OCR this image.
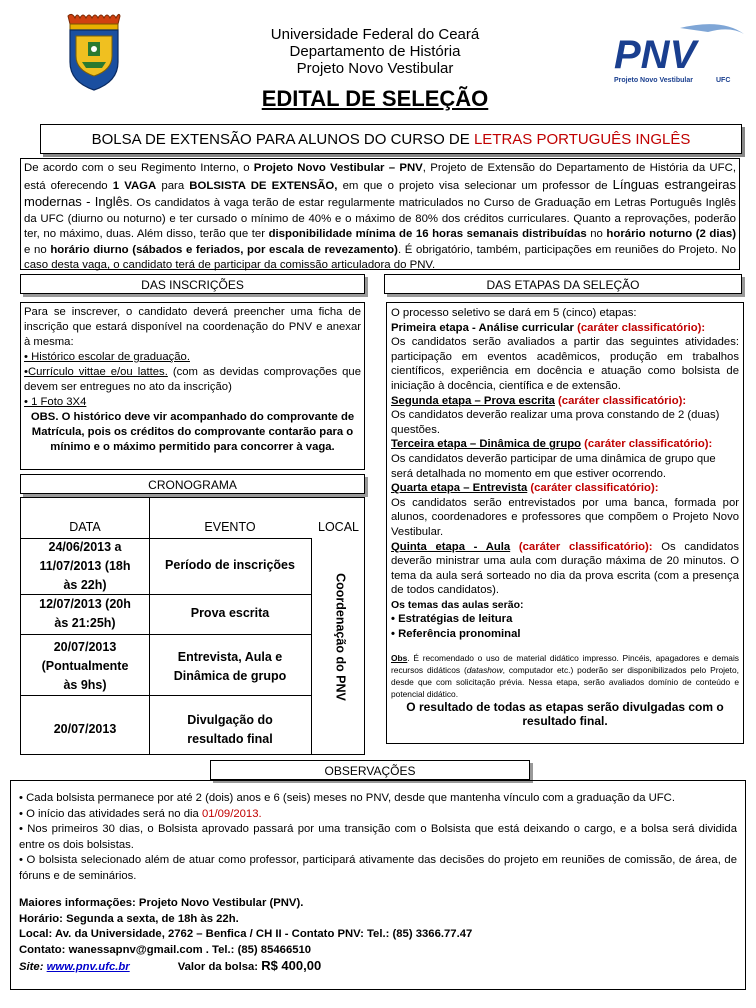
Universidade Federal do Ceará
Departamento de História
Projeto Novo Vestibular
EDITAL DE SELEÇÃO
PNV
Projeto Novo Vestibular	UFC
BOLSA DE EXTENSÃO PARA ALUNOS DO CURSO DE LETRAS PORTUGUÊS INGLÊS
De acordo com o seu Regimento Interno, o Projeto Novo Vestibular – PNV, Projeto de Extensão do Departamento de História da UFC, está oferecendo 1 VAGA para BOLSISTA DE EXTENSÃO, em que o projeto visa selecionar um professor de Línguas estrangeiras modernas - Inglês. Os candidatos à vaga terão de estar regularmente matriculados no Curso de Graduação em Letras Português Inglês da UFC (diurno ou noturno) e ter cursado o mínimo de 40% e o máximo de 80% dos créditos curriculares. Quanto a reprovações, poderão ter, no máximo, duas. Além disso, terão que ter disponibilidade mínima de 16 horas semanais distribuídas no horário noturno (2 dias) e no horário diurno (sábados e feriados, por escala de revezamento). É obrigatório, também, participações em reuniões do Projeto. No caso desta vaga, o candidato terá de participar da comissão articuladora do PNV.
DAS INSCRIÇÕES
Para se inscrever, o candidato deverá preencher uma ficha de inscrição que estará disponível na coordenação do PNV e anexar à mesma:
• Histórico escolar de graduação.
•Currículo vittae e/ou lattes. (com as devidas comprovações que devem ser entregues no ato da inscrição)
• 1 Foto 3X4
OBS. O histórico deve vir acompanhado do comprovante de Matrícula, pois os créditos do comprovante contarão para o mínimo e o máximo permitido para concorrer à vaga.
CRONOGRAMA
DATA	EVENTO	LOCAL
24/06/2013 a 11/07/2013 (18h às 22h)
Período de inscrições
12/07/2013 (20h às 21:25h)
Prova escrita
20/07/2013 (Pontualmente às 9hs)
Entrevista, Aula e Dinâmica de grupo
20/07/2013
Divulgação do resultado final
Coordenação do PNV
DAS ETAPAS DA SELEÇÃO
O processo seletivo se dará em 5 (cinco) etapas:
Primeira etapa - Análise curricular (caráter classificatório):
Os candidatos serão avaliados a partir das seguintes atividades: participação em eventos acadêmicos, produção em trabalhos científicos, experiência em docência e atuação como bolsista de iniciação à docência, científica e de extensão.
Segunda etapa – Prova escrita (caráter classificatório):
Os candidatos deverão realizar uma prova constando de 2 (duas) questões.
Terceira etapa – Dinâmica de grupo (caráter classificatório):
Os candidatos deverão participar de uma dinâmica de grupo que será detalhada no momento em que estiver ocorrendo.
Quarta etapa – Entrevista (caráter classificatório):
Os candidatos serão entrevistados por uma banca, formada por alunos, coordenadores e professores que compõem o Projeto Novo Vestibular.
Quinta etapa - Aula (caráter classificatório): Os candidatos deverão ministrar uma aula com duração máxima de 20 minutos. O tema da aula será sorteado no dia da prova escrita (com a presença de todos candidatos).
Os temas das aulas serão:
• Estratégias de leitura
• Referência pronominal
Obs. É recomendado o uso de material didático impresso. Pincéis, apagadores e demais recursos didáticos (datashow, computador etc.) poderão ser disponibilizados pelo Projeto, desde que com solicitação prévia. Nessa etapa, serão avaliados domínio de conteúdo e potencial didático.
O resultado de todas as etapas serão divulgadas com o resultado final.
OBSERVAÇÕES
• Cada bolsista permanece por até 2 (dois) anos e 6 (seis) meses no PNV, desde que mantenha vínculo com a graduação da UFC.
• O início das atividades será no dia 01/09/2013.
• Nos primeiros 30 dias, o Bolsista aprovado passará por uma transição com o Bolsista que está deixando o cargo, e a bolsa será dividida entre os dois bolsistas.
• O bolsista selecionado além de atuar como professor, participará ativamente das decisões do projeto em reuniões de comissão, de área, de fóruns e de seminários.
Maiores informações: Projeto Novo Vestibular (PNV).
Horário: Segunda a sexta, de 18h às 22h.
Local: Av. da Universidade, 2762 – Benfica / CH II - Contato PNV: Tel.: (85) 3366.77.47
Contato: wanessapnv@gmail.com . Tel.: (85) 85466510
Site: www.pnv.ufc.br	Valor da bolsa: R$ 400,00
